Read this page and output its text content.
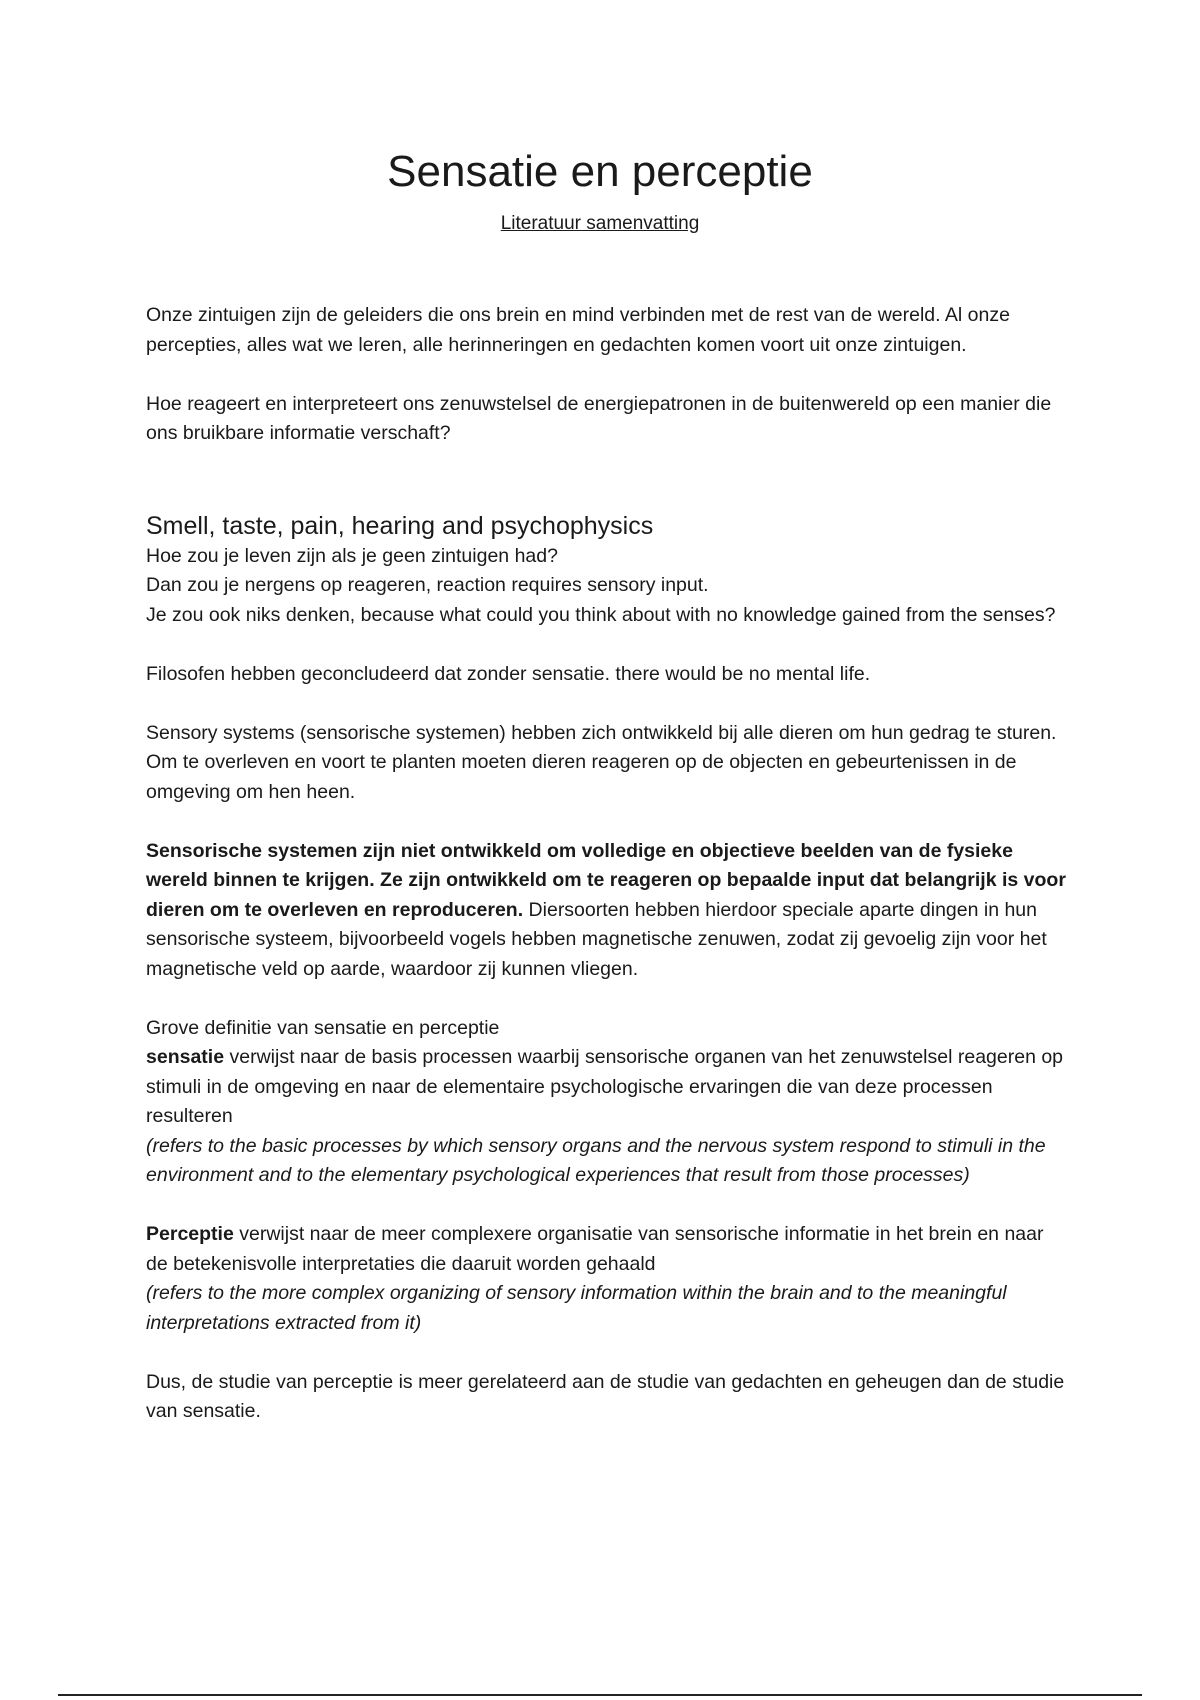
Sensatie en perceptie
Literatuur samenvatting

Onze zintuigen zijn de geleiders die ons brein en mind verbinden met de rest van de wereld. Al onze percepties, alles wat we leren, alle herinneringen en gedachten komen voort uit onze zintuigen.

Hoe reageert en interpreteert ons zenuwstelsel de energiepatronen in de buitenwereld op een manier die ons bruikbare informatie verschaft?

Smell, taste, pain, hearing and psychophysics

Hoe zou je leven zijn als je geen zintuigen had?

Dan zou je nergens op reageren, reaction requires sensory input.

Je zou ook niks denken, because what could you think about with no knowledge gained from the senses?

Filosofen hebben geconcludeerd dat zonder sensatie. there would be no mental life.

Sensory systems (sensorische systemen) hebben zich ontwikkeld bij alle dieren om hun gedrag te sturen. Om te overleven en voort te planten moeten dieren reageren op de objecten en gebeurtenissen in de omgeving om hen heen.

Sensorische systemen zijn niet ontwikkeld om volledige en objectieve beelden van de fysieke wereld binnen te krijgen. Ze zijn ontwikkeld om te reageren op bepaalde input dat belangrijk is voor dieren om te overleven en reproduceren. Diersoorten hebben hierdoor speciale aparte dingen in hun sensorische systeem, bijvoorbeeld vogels hebben magnetische zenuwen, zodat zij gevoelig zijn voor het magnetische veld op aarde, waardoor zij kunnen vliegen.

Grove definitie van sensatie en perceptie

sensatie verwijst naar de basis processen waarbij sensorische organen van het zenuwstelsel reageren op stimuli in de omgeving en naar de elementaire psychologische ervaringen die van deze processen resulteren

(refers to the basic processes by which sensory organs and the nervous system respond to stimuli in the environment and to the elementary psychological experiences that result from those processes)

Perceptie verwijst naar de meer complexere organisatie van sensorische informatie in het brein en naar de betekenisvolle interpretaties die daaruit worden gehaald

(refers to the more complex organizing of sensory information within the brain and to the meaningful interpretations extracted from it)

Dus, de studie van perceptie is meer gerelateerd aan de studie van gedachten en geheugen dan de studie van sensatie.
